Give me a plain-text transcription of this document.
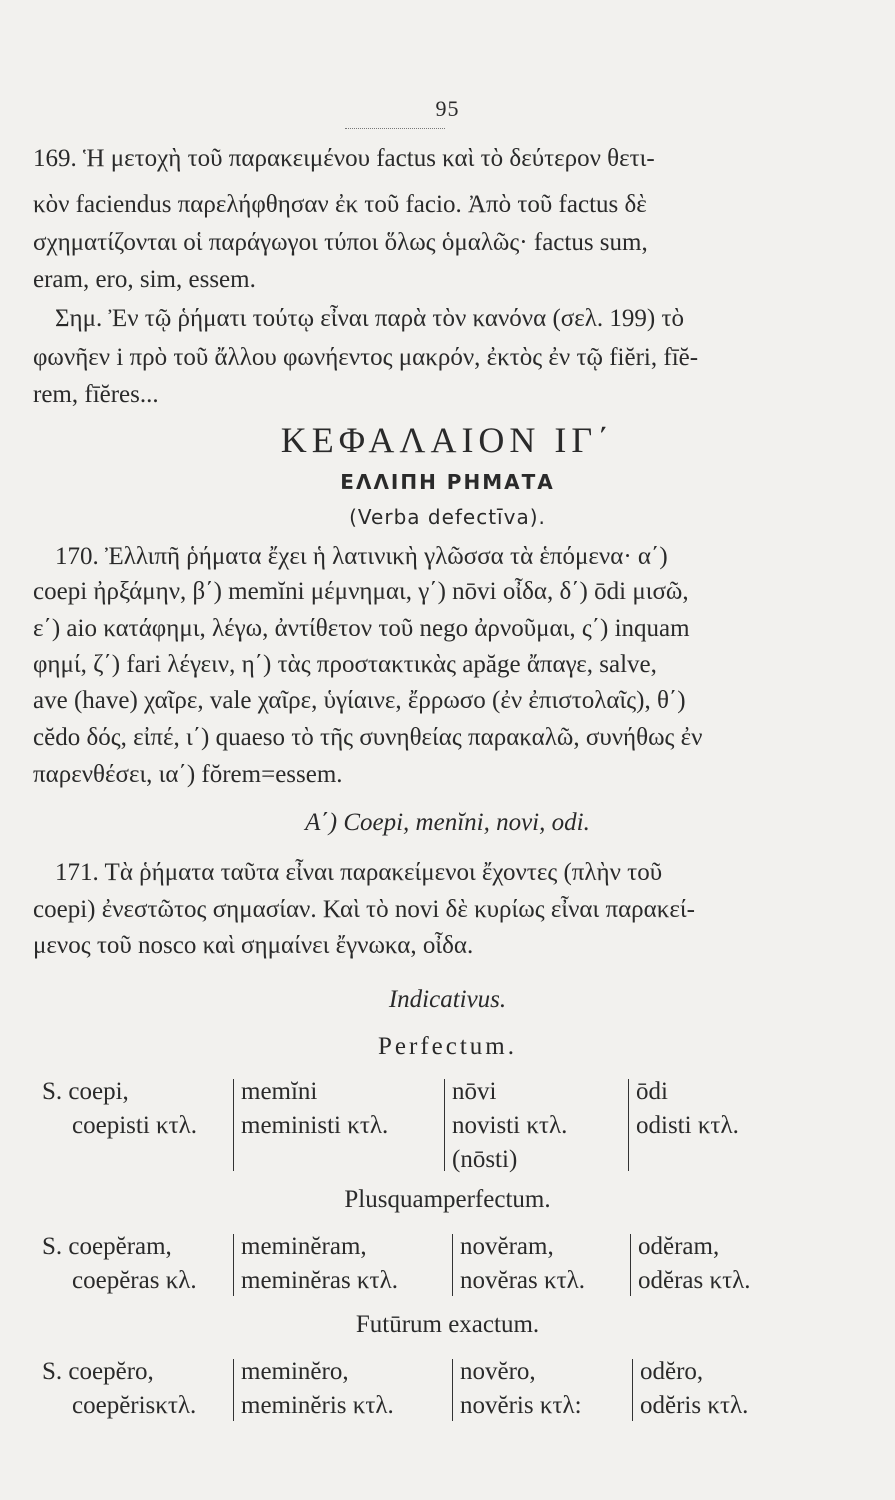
95
169. Ἡ μετοχὴ τοῦ παρακειμένου factus καὶ τὸ δεύτερον θετι-
κὸν faciendus παρελήφθησαν ἐκ τοῦ facio. Ἀπὸ τοῦ factus δὲ
σχηματίζονται οἱ παράγωγοι τύποι ὅλως ὁμαλῶς· factus sum,
eram, ero, sim, essem.
Σημ. Ἐν τῷ ῥήματι τούτῳ εἶναι παρὰ τὸν κανόνα (σελ. 199) τὸ
φωνῆεν i πρὸ τοῦ ἄλλου φωνήεντος μακρόν, ἐκτὸς ἐν τῷ fiĕri, fīĕ-
rem, fīĕres...
ΚΕΦΑΛΑΙΟΝ ΙΓ΄
ΕΛΛΙΠΗ ΡΗΜΑΤΑ
(Verba defectīva).
170. Ἐλλιπῆ ῥήματα ἔχει ἡ λατινικὴ γλῶσσα τὰ ἑπόμενα· α΄)
coepi ἠρξάμην, β΄) memĭni μέμνημαι, γ΄) nōvi οἶδα, δ΄) ōdi μισῶ,
ε΄) aio κατάφημι, λέγω, ἀντίθετον τοῦ nego ἀρνοῦμαι, ς΄) inquam
φημί, ζ΄) fari λέγειν, η΄) τὰς προστακτικὰς apăge ἄπαγε, salve,
ave (have) χαῖρε, vale χαῖρε, ὑγίαινε, ἔρρωσο (ἐν ἐπιστολαῖς), θ΄)
cĕdo δός, εἰπέ, ι΄) quaeso τὸ τῆς συνηθείας παρακαλῶ, συνήθως ἐν
παρενθέσει, ια΄) fŏrem=essem.
A΄) Coepi, menĭni, novi, odi.
171. Τὰ ῥήματα ταῦτα εἶναι παρακείμενοι ἔχοντες (πλὴν τοῦ
coepi) ἐνεστῶτος σημασίαν. Καὶ τὸ novi δὲ κυρίως εἶναι παρακεί-
μενος τοῦ nosco καὶ σημαίνει ἔγνωκα, οἶδα.
Indicativus.
Perfectum.
S. coepi,
coepisti κτλ.
memĭni
meministi κτλ.
nōvi
novisti κτλ.
(nōsti)
ōdi
odisti κτλ.
Plusquamperfectum.
S. coepĕram,
coepĕras κλ.
meminĕram,
meminĕras κτλ.
novĕram,
novĕras κτλ.
odĕram,
odĕras κτλ.
Futūrum exactum.
S. coepĕro,
coepĕrisκτλ.
meminĕro,
meminĕris κτλ.
novĕro,
novĕris κτλ:
odĕro,
odĕris κτλ.
